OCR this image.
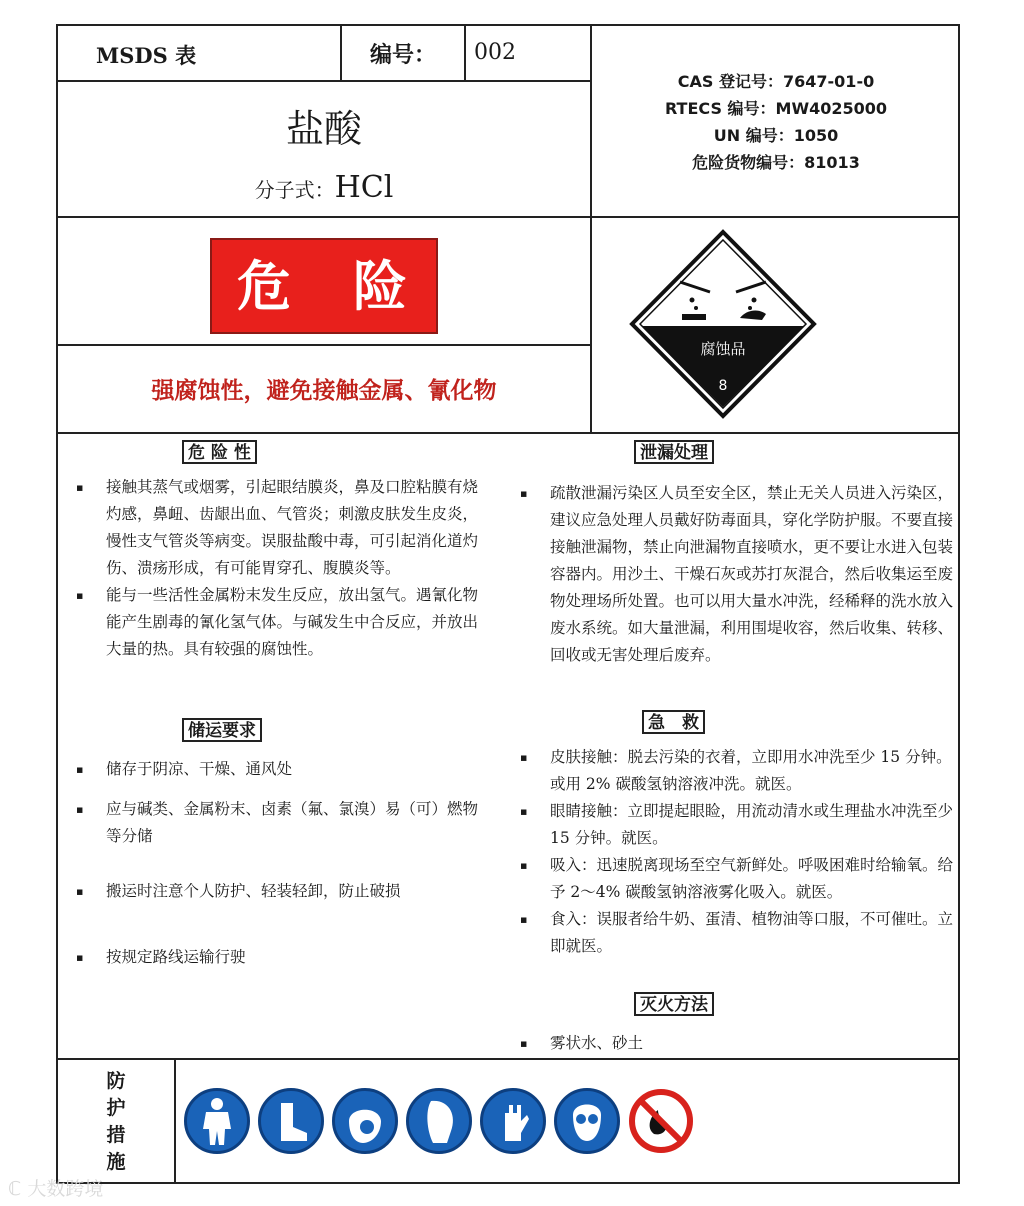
MSDS 表	编号： 002
盐酸
分子式：HCl
CAS 登记号：7647-01-0
RTECS 编号：MW4025000
UN 编号：1050
危险货物编号：81013
危　险
强腐蚀性，避免接触金属、氰化物
腐蚀品
8
危 险 性
▪ 接触其蒸气或烟雾，引起眼结膜炎，鼻及口腔粘膜有烧灼感，鼻衄、齿龈出血、气管炎；刺激皮肤发生皮炎，慢性支气管炎等病变。误服盐酸中毒，可引起消化道灼伤、溃疡形成，有可能胃穿孔、腹膜炎等。
▪ 能与一些活性金属粉末发生反应，放出氢气。遇氰化物能产生剧毒的氰化氢气体。与碱发生中合反应，并放出大量的热。具有较强的腐蚀性。
储运要求
▪	储存于阴凉、干燥、通风处
▪	应与碱类、金属粉末、卤素（氟、氯溴）易（可）燃物等分储
▪	搬运时注意个人防护、轻装轻卸，防止破损
▪	按规定路线运输行驶
泄漏处理
▪ 疏散泄漏污染区人员至安全区，禁止无关人员进入污染区，建议应急处理人员戴好防毒面具，穿化学防护服。不要直接接触泄漏物，禁止向泄漏物直接喷水，更不要让水进入包装容器内。用沙土、干燥石灰或苏打灰混合，然后收集运至废物处理场所处置。也可以用大量水冲洗，经稀释的洗水放入废水系统。如大量泄漏，利用围堤收容，然后收集、转移、回收或无害处理后废弃。
急　救
▪ 皮肤接触：脱去污染的衣着，立即用水冲洗至少 15 分钟。或用 2% 碳酸氢钠溶液冲洗。就医。
▪ 眼睛接触：立即提起眼睑，用流动清水或生理盐水冲洗至少 15 分钟。就医。
▪ 吸入：迅速脱离现场至空气新鲜处。呼吸困难时给输氧。给予 2～4% 碳酸氢钠溶液雾化吸入。就医。
▪ 食入：误服者给牛奶、蛋清、植物油等口服，不可催吐。立即就医。
灭火方法
▪ 雾状水、砂土
防
护
措
施
ℂ 大数跨境
